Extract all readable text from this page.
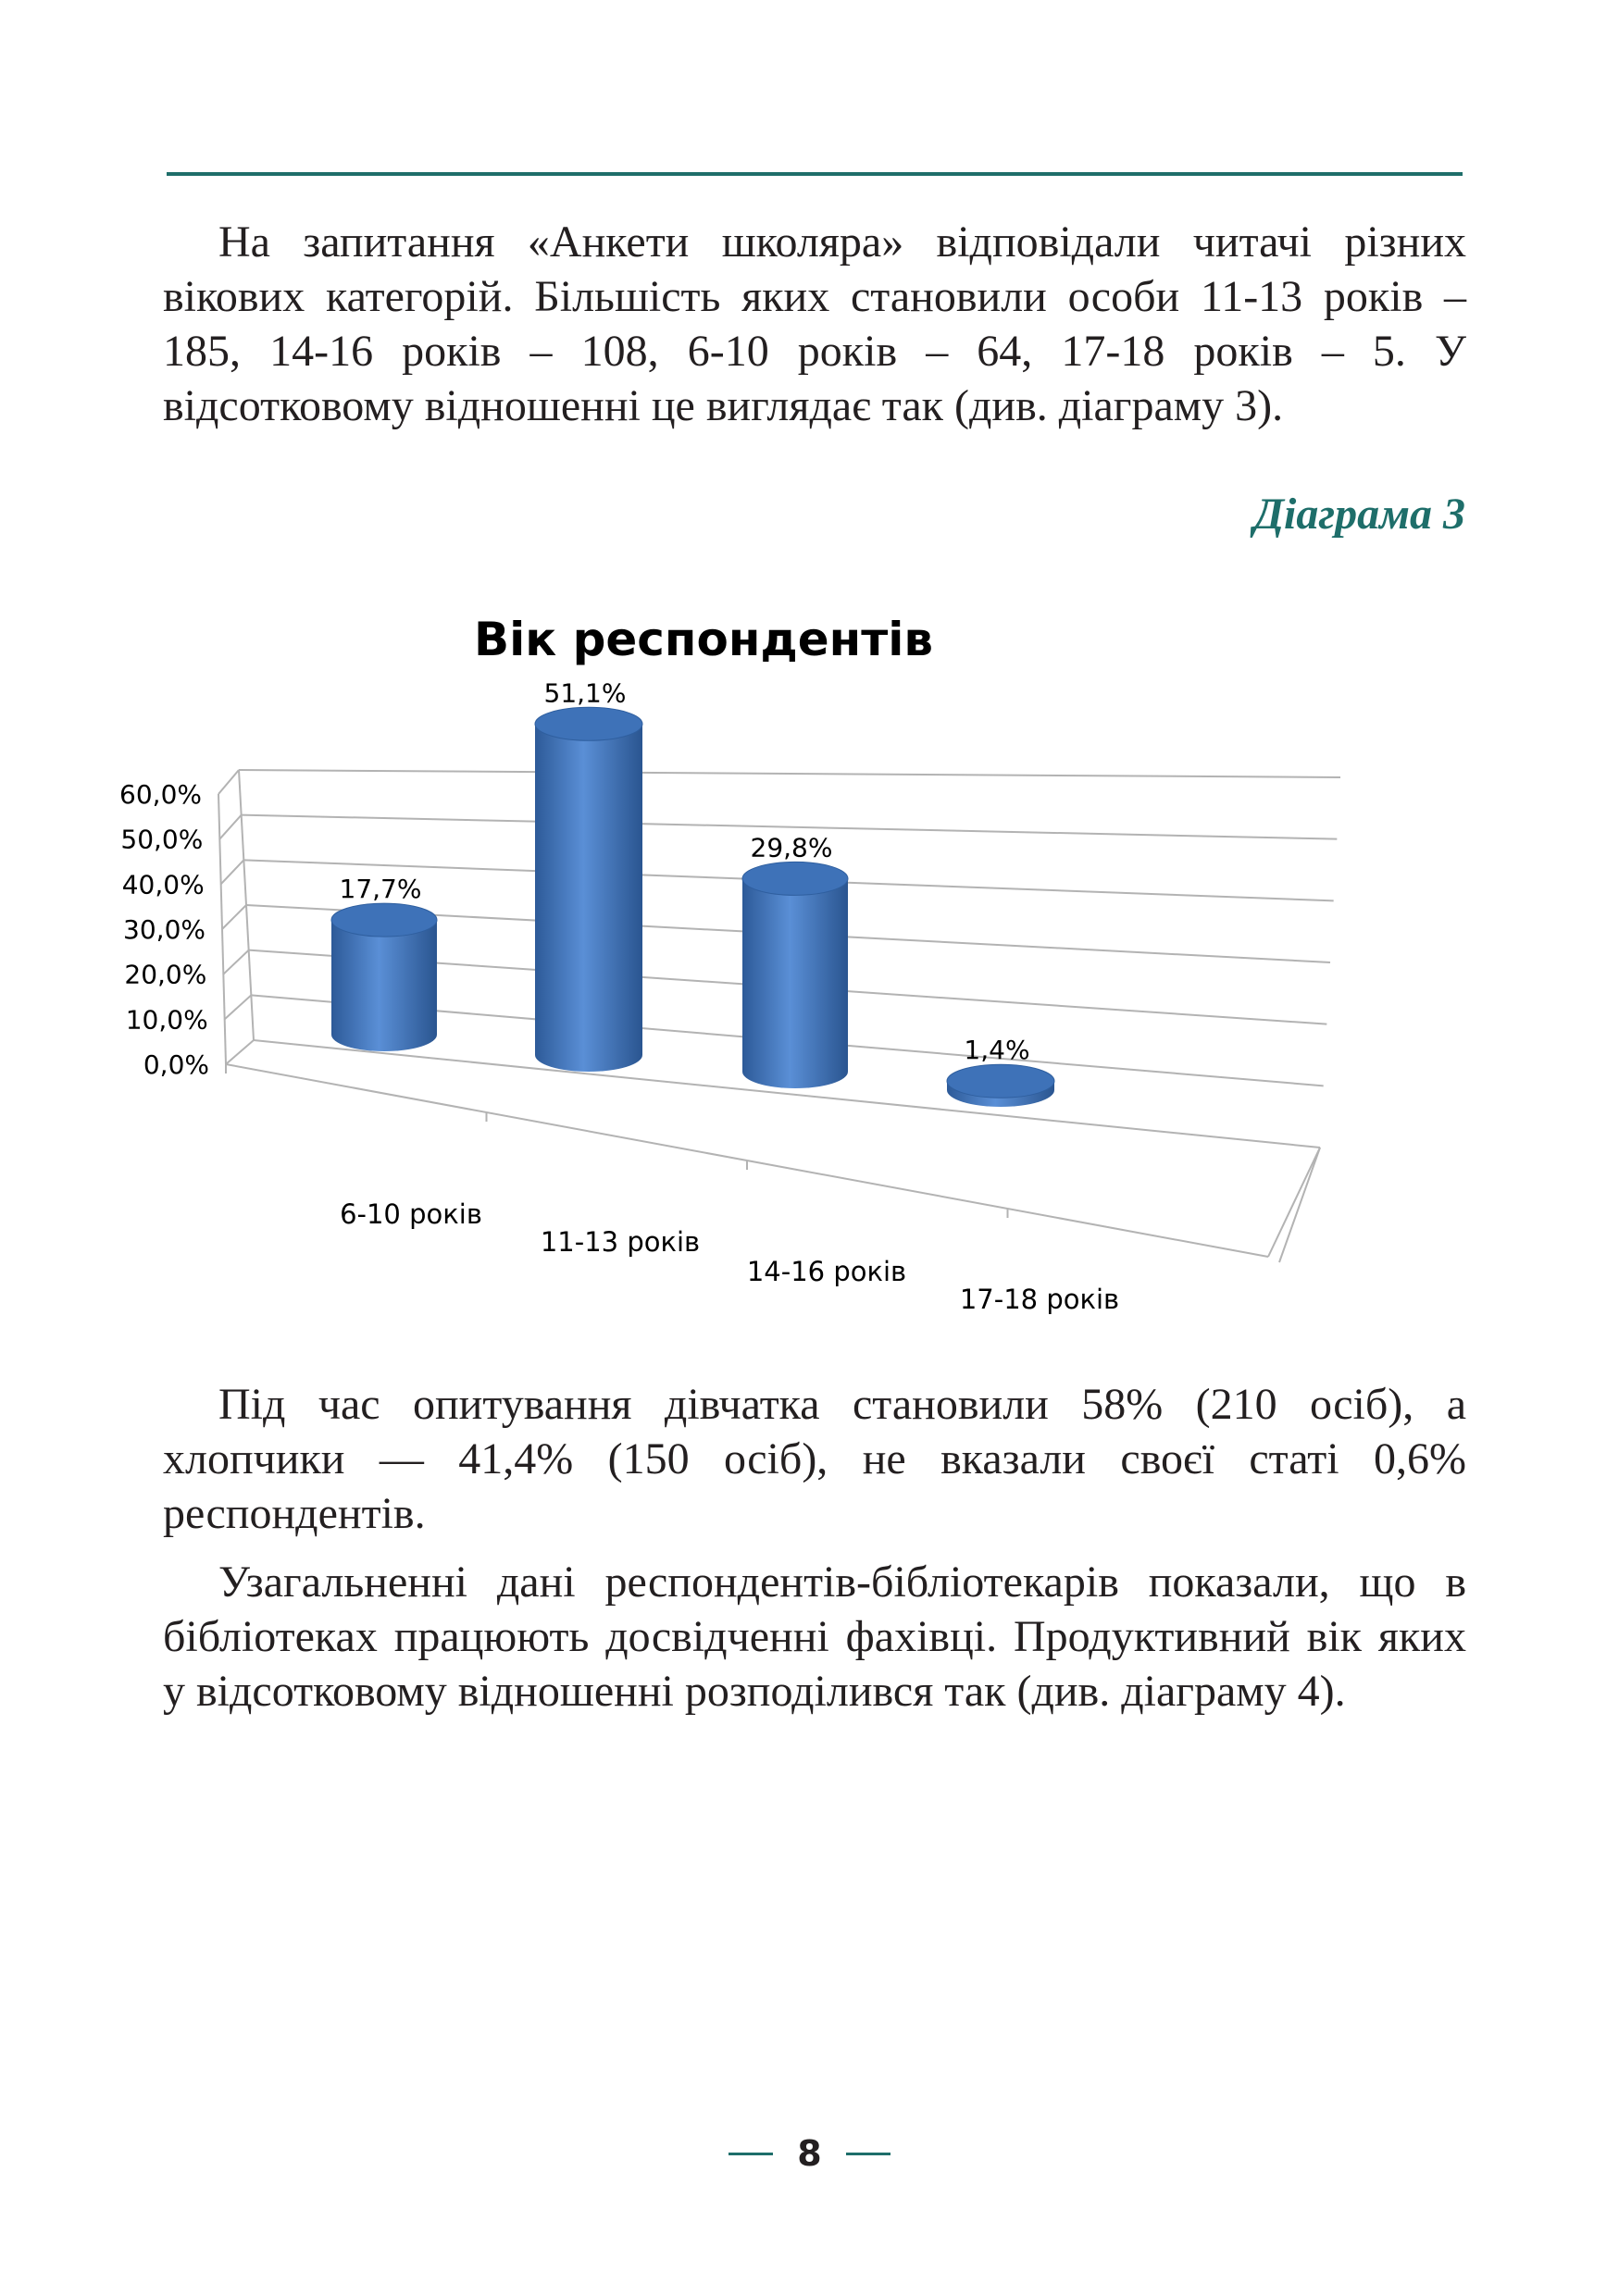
На запитання «Анкети школяра» відповідали читачі різних вікових категорій. Більшість яких становили особи 11-13 років – 185, 14-16 років – 108, 6-10 років – 64, 17-18 років – 5. У відсотковому відношенні це виглядає так (див. діаграму 3).

Діаграма 3

Вік респондентів
0,0%
10,0%
20,0%
30,0%
40,0%
50,0%
60,0%
17,7%
6-10 років
51,1%
11-13 років
29,8%
14-16 років
1,4%
17-18 років

Під час опитування дівчатка становили 58% (210 осіб), а хлопчики — 41,4% (150 осіб), не вказали своєї статі 0,6% респондентів.

Узагальненні дані респондентів-бібліотекарів показали, що в бібліотеках працюють досвідченні фахівці. Продуктивний вік яких у відсотковому відношенні розподілився так (див. діаграму 4).

8
